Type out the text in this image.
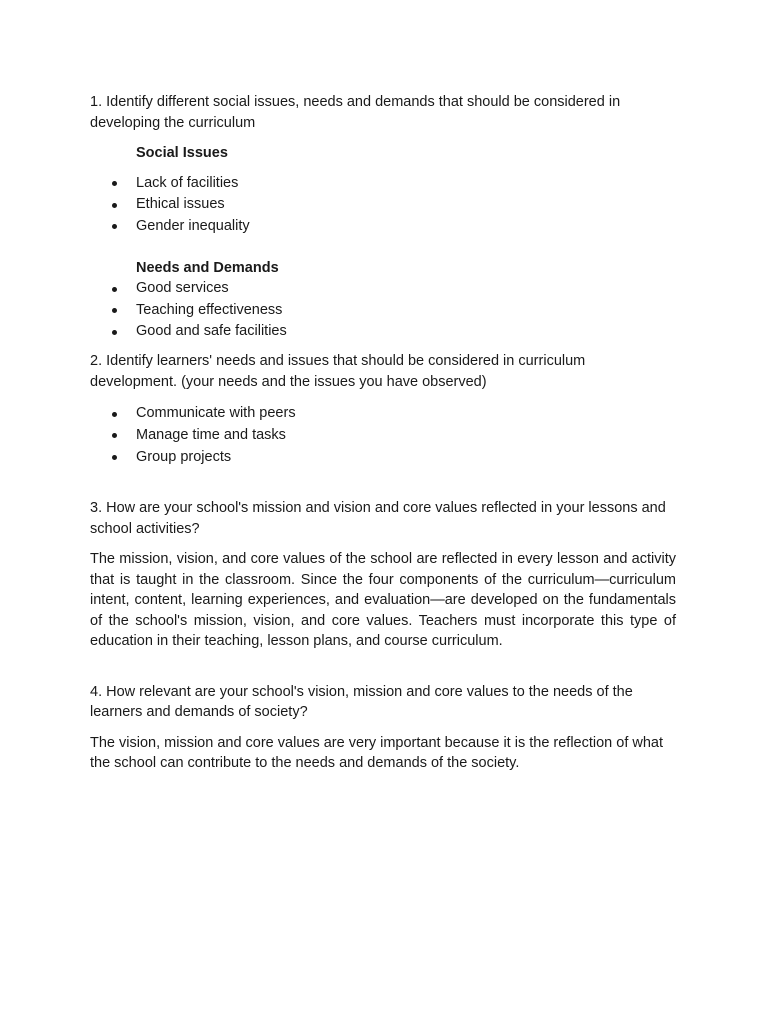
1. Identify different social issues, needs and demands that should be considered in developing the curriculum

Social Issues

Lack of facilities
Ethical issues
Gender inequality

Needs and Demands

Good services
Teaching effectiveness
Good and safe facilities

2. Identify learners' needs and issues that should be considered in curriculum development. (your needs and the issues you have observed)

Communicate with peers
Manage time and tasks
Group projects

3. How are your school's mission and vision and core values reflected in your lessons and school activities?

The mission, vision, and core values of the school are reflected in every lesson and activity that is taught in the classroom. Since the four components of the curriculum—curriculum intent, content, learning experiences, and evaluation—are developed on the fundamentals of the school's mission, vision, and core values. Teachers must incorporate this type of education in their teaching, lesson plans, and course curriculum.

4. How relevant are your school's vision, mission and core values to the needs of the learners and demands of society?

The vision, mission and core values are very important because it is the reflection of what the school can contribute to the needs and demands of the society.
